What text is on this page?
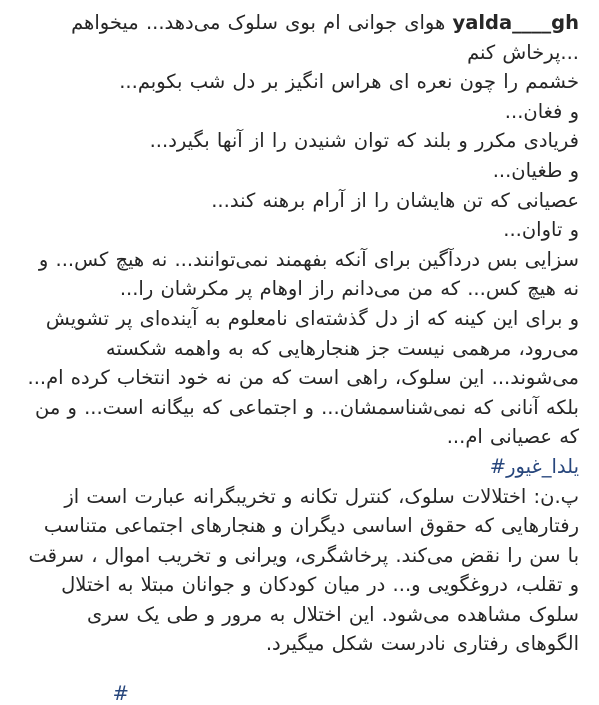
yalda____gh هوای جوانی ام بوی سلوک می‌دهد... میخواهم

...پرخاش کنم

خشمم را چون نعره ای هراس انگیز بر دل شب بکوبم...

و فغان...

فریادی مکرر و بلند که توان شنیدن را از آنها بگیرد...

و طغیان...

عصیانی که تن هایشان را از آرام برهنه کند...

و تاوان...

سزایی بس دردآگین برای آنکه بفهمند نمی‌توانند... نه هیچ کس... و

نه هیچ کس... که من می‌دانم راز اوهام پر مکرشان را...

و برای این کینه که از دل گذشته‌ای نامعلوم به آینده‌ای پر تشویش

می‌رود، مرهمی نیست جز هنجارهایی که به واهمه شکسته

می‌شوند... این سلوک، راهی است که من نه خود انتخاب کرده ام...

بلکه آنانی که نمی‌شناسمشان... و اجتماعی که بیگانه است... و من

که عصیانی ام...

#یلدا_غیور

پ.ن: اختلالات سلوک، کنترل تکانه و تخریبگرانه عبارت است از

رفتارهایی که حقوق اساسی دیگران و هنجارهای اجتماعی متناسب

با سن را نقض می‌کند. پرخاشگری، ویرانی و تخریب اموال ، سرقت

و تقلب، دروغگویی و... در میان کودکان و جوانان مبتلا به اختلال

سلوک مشاهده می‌شود. این اختلال به مرور و طی یک سری

الگوهای رفتاری نادرست شکل میگیرد.

#
